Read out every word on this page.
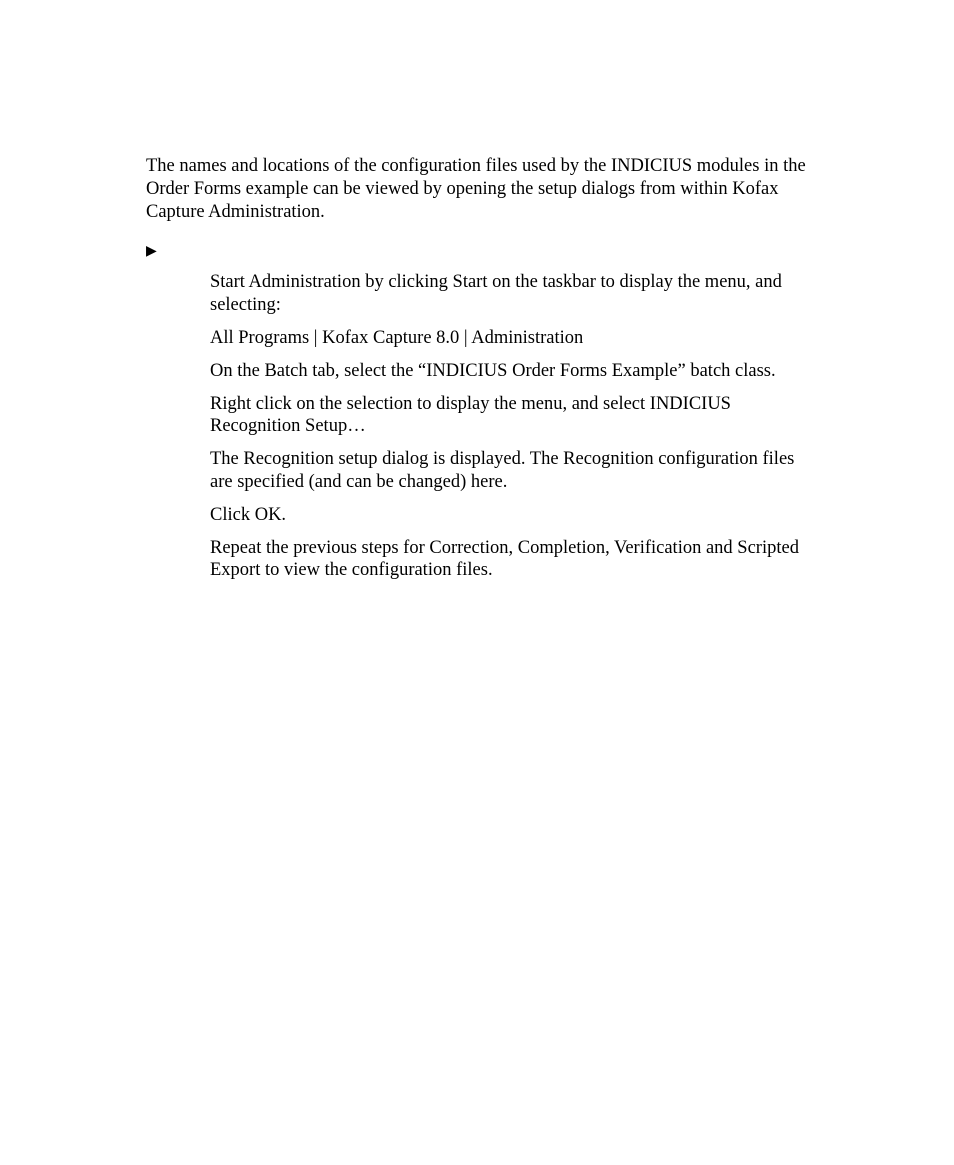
The names and locations of the configuration files used by the INDICIUS modules in the Order Forms example can be viewed by opening the setup dialogs from within Kofax Capture Administration.

▶
Start Administration by clicking Start on the taskbar to display the menu, and selecting:
All Programs | Kofax Capture 8.0 | Administration
On the Batch tab, select the “INDICIUS Order Forms Example” batch class.
Right click on the selection to display the menu, and select INDICIUS Recognition Setup…
The Recognition setup dialog is displayed. The Recognition configuration files are specified (and can be changed) here.
Click OK.
Repeat the previous steps for Correction, Completion, Verification and Scripted Export to view the configuration files.
